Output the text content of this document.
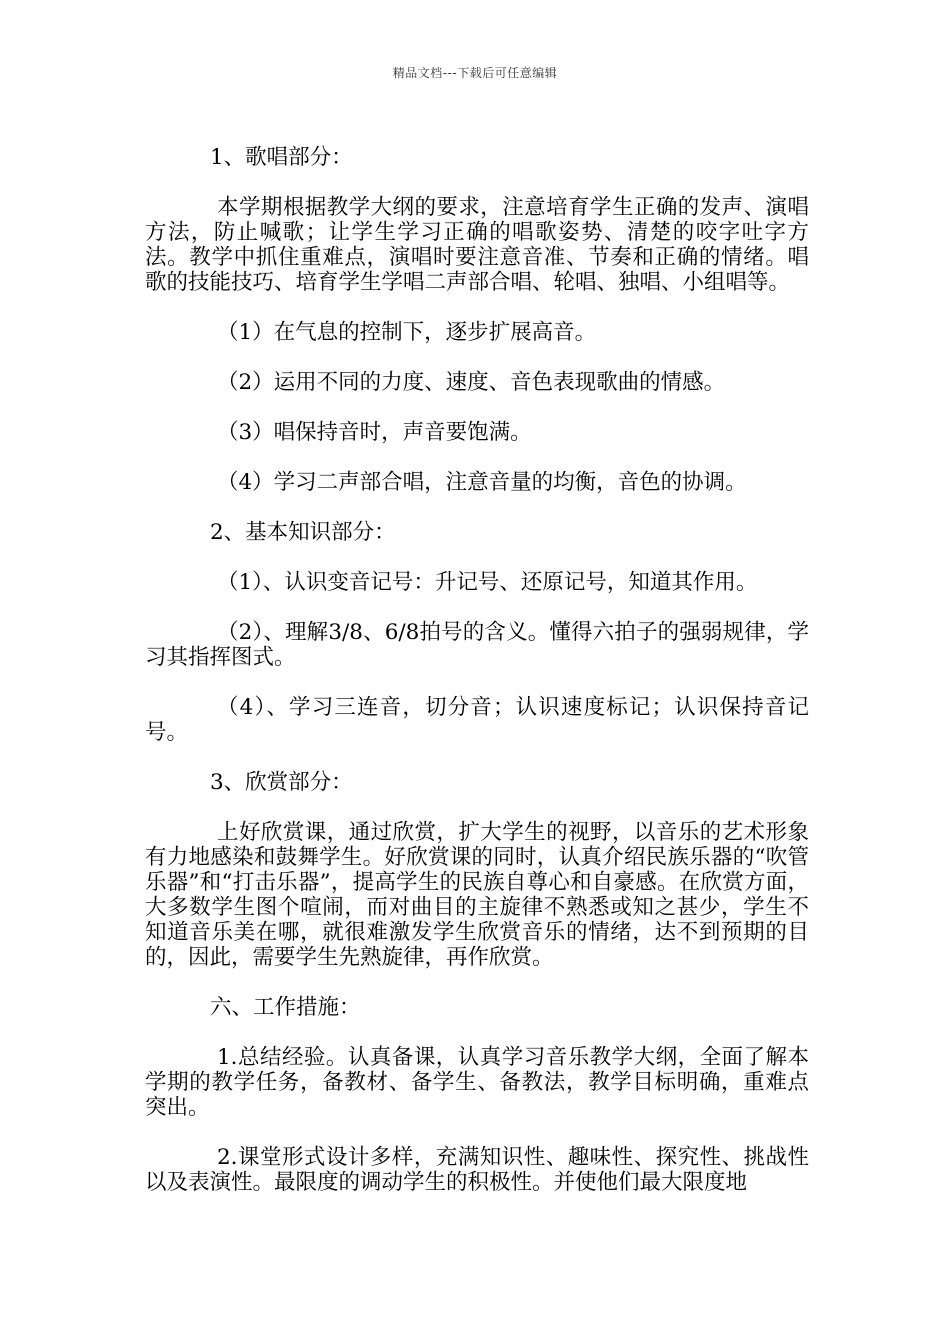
精品文档---下载后可任意编辑

1、歌唱部分：

本学期根据教学大纲的要求，注意培育学生正确的发声、演唱方法，防止喊歌；让学生学习正确的唱歌姿势、清楚的咬字吐字方法。教学中抓住重难点，演唱时要注意音准、节奏和正确的情绪。唱歌的技能技巧、培育学生学唱二声部合唱、轮唱、独唱、小组唱等。

（1）在气息的控制下，逐步扩展高音。

（2）运用不同的力度、速度、音色表现歌曲的情感。

（3）唱保持音时，声音要饱满。

（4）学习二声部合唱，注意音量的均衡，音色的协调。

2、基本知识部分：

（1）、认识变音记号：升记号、还原记号，知道其作用。

（2）、理解3/8、6/8拍号的含义。懂得六拍子的强弱规律，学习其指挥图式。

（4）、学习三连音，切分音；认识速度标记；认识保持音记号。

3、欣赏部分：

上好欣赏课，通过欣赏，扩大学生的视野，以音乐的艺术形象有力地感染和鼓舞学生。好欣赏课的同时，认真介绍民族乐器的“吹管乐器”和“打击乐器”，提高学生的民族自尊心和自豪感。在欣赏方面，大多数学生图个喧闹，而对曲目的主旋律不熟悉或知之甚少，学生不知道音乐美在哪，就很难激发学生欣赏音乐的情绪，达不到预期的目的，因此，需要学生先熟旋律，再作欣赏。

六、工作措施：

1.总结经验。认真备课，认真学习音乐教学大纲，全面了解本学期的教学任务，备教材、备学生、备教法，教学目标明确，重难点突出。

2.课堂形式设计多样，充满知识性、趣味性、探究性、挑战性以及表演性。最限度的调动学生的积极性。并使他们最大限度地
